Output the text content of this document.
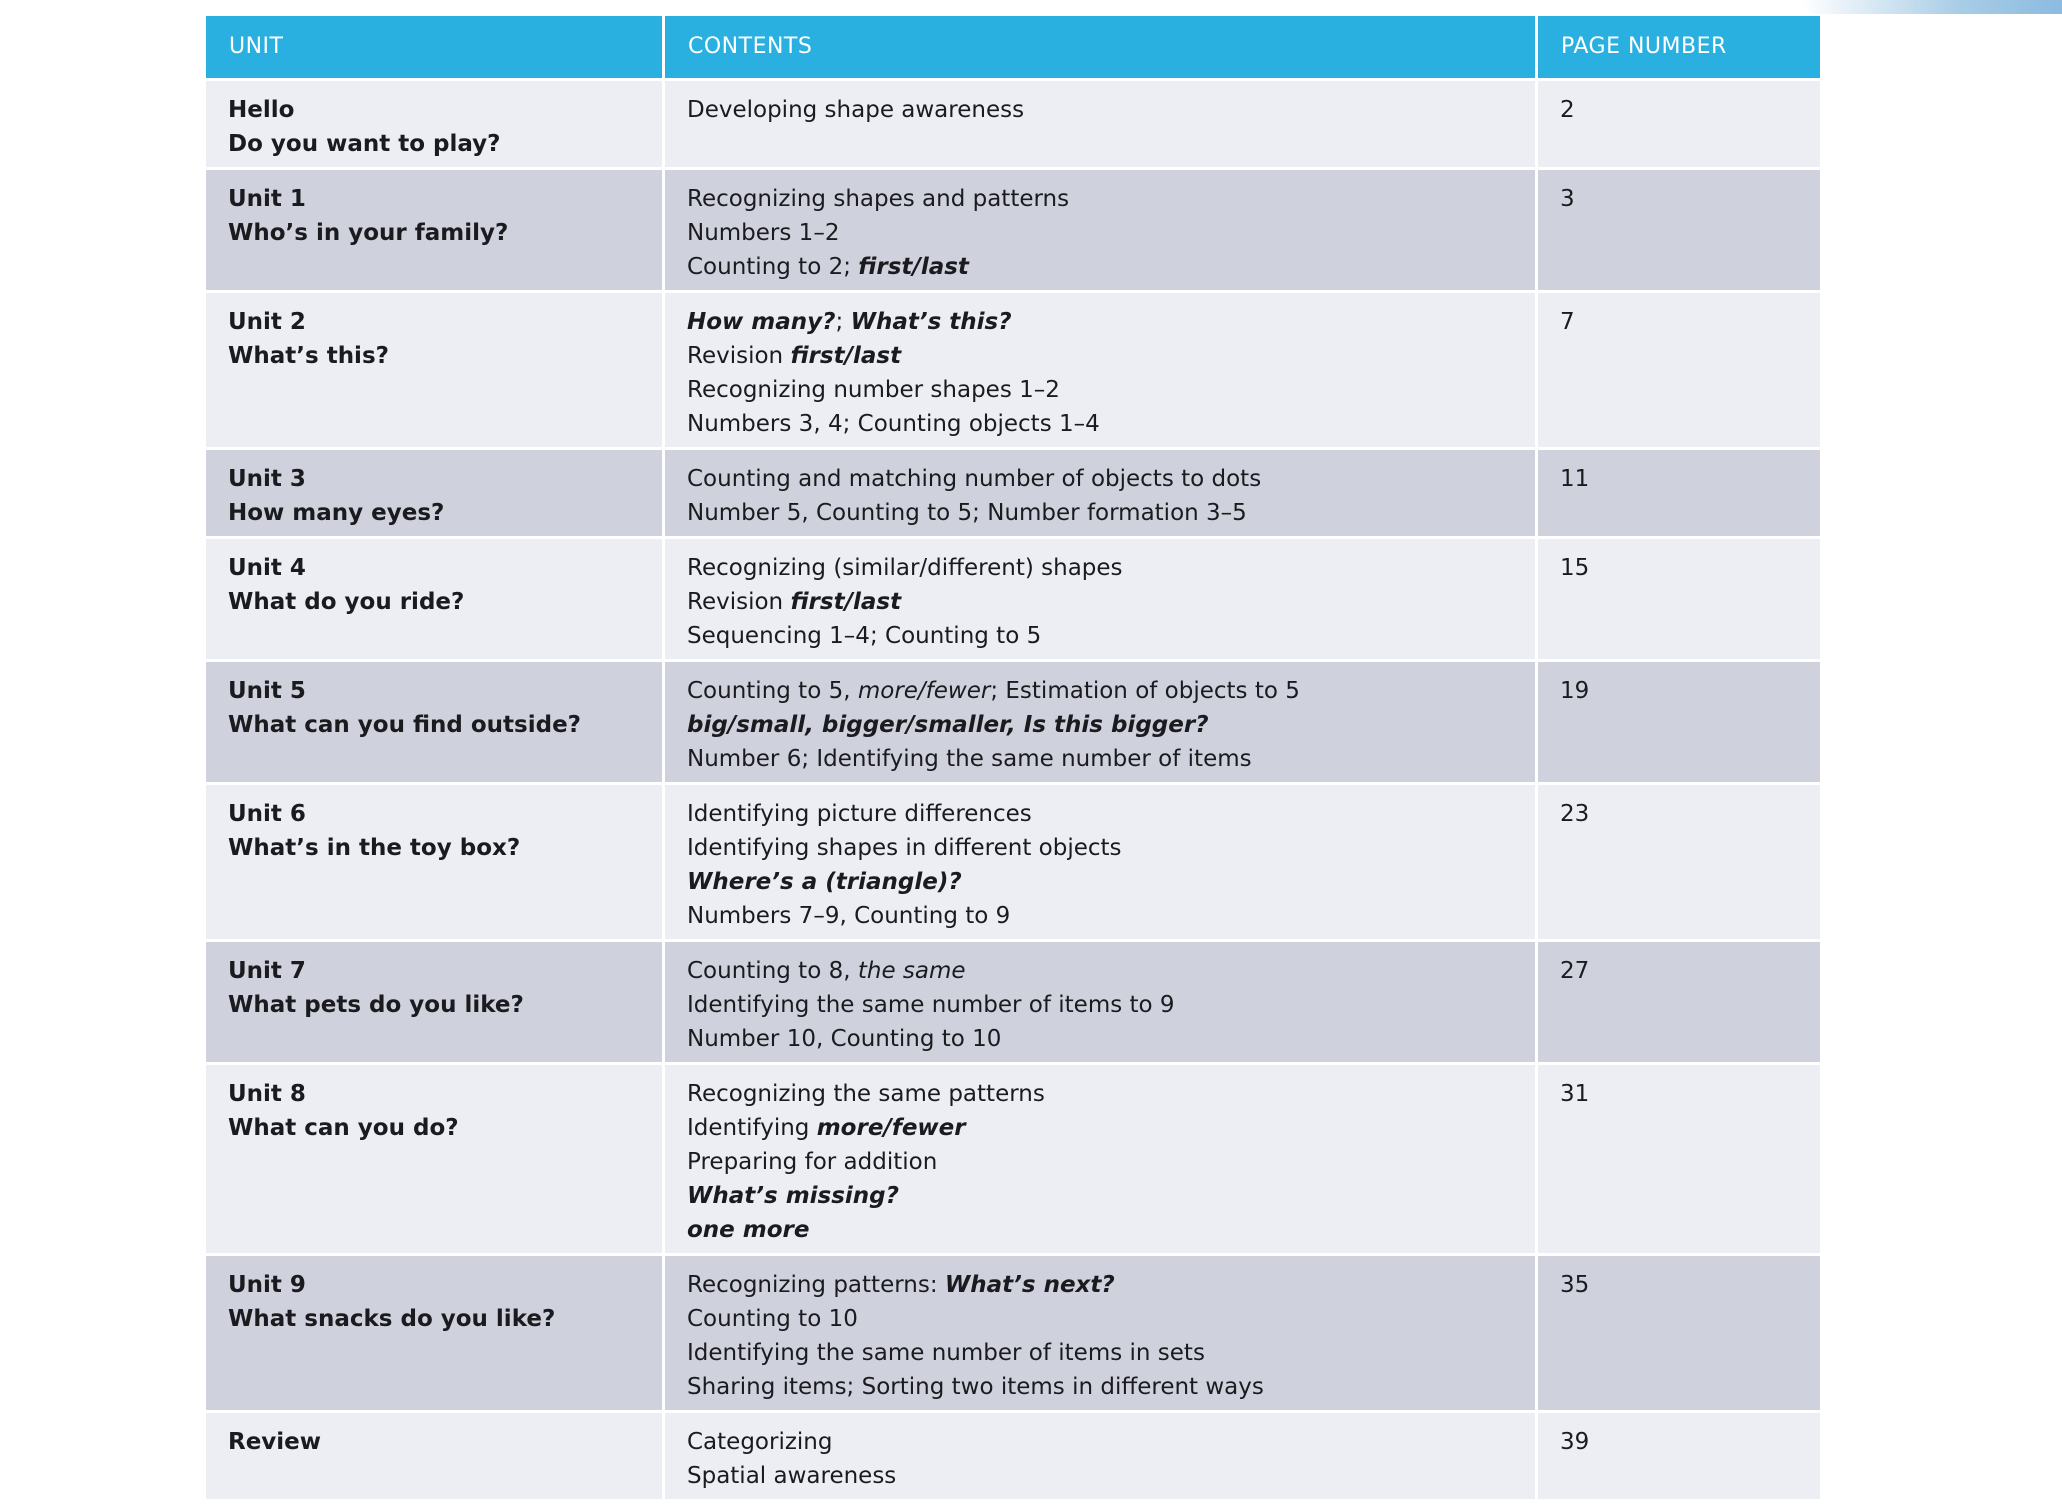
UNIT	CONTENTS	PAGE NUMBER

Hello
Do you want to play?	Developing shape awareness	2

Unit 1
Who’s in your family?	Recognizing shapes and patterns
Numbers 1–2
Counting to 2; first/last	3

Unit 2
What’s this?	How many?; What’s this?
Revision first/last
Recognizing number shapes 1–2
Numbers 3, 4; Counting objects 1–4	7

Unit 3
How many eyes?	Counting and matching number of objects to dots
Number 5, Counting to 5; Number formation 3–5	11

Unit 4
What do you ride?	Recognizing (similar/different) shapes
Revision first/last
Sequencing 1–4; Counting to 5	15

Unit 5
What can you find outside?	Counting to 5, more/fewer; Estimation of objects to 5
big/small, bigger/smaller, Is this bigger?
Number 6; Identifying the same number of items	19

Unit 6
What’s in the toy box?	Identifying picture differences
Identifying shapes in different objects
Where’s a (triangle)?
Numbers 7–9, Counting to 9	23

Unit 7
What pets do you like?	Counting to 8, the same
Identifying the same number of items to 9
Number 10, Counting to 10	27

Unit 8
What can you do?	Recognizing the same patterns
Identifying more/fewer
Preparing for addition
What’s missing?
one more	31

Unit 9
What snacks do you like?	Recognizing patterns: What’s next?
Counting to 10
Identifying the same number of items in sets
Sharing items; Sorting two items in different ways	35

Review	Categorizing
Spatial awareness	39
